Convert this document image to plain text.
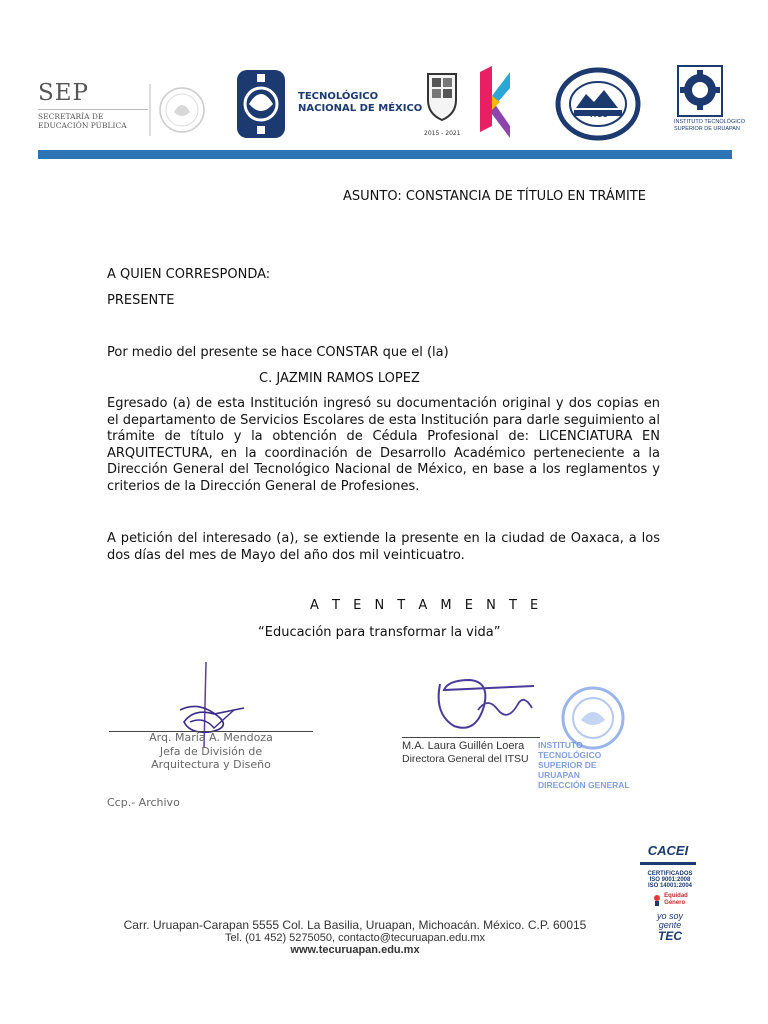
SEP
SECRETARÍA DE
EDUCACIÓN PÚBLICA
TECNOLÓGICO
NACIONAL DE MÉXICO
2015 - 2021
ITSU
INSTITUTO TECNOLÓGICO
SUPERIOR DE URUAPAN
ASUNTO: CONSTANCIA DE TÍTULO EN TRÁMITE
A QUIEN CORRESPONDA:
PRESENTE
Por medio del presente se hace CONSTAR que el (la)
C. JAZMIN RAMOS LOPEZ
Egresado (a) de esta Institución ingresó su documentación original y dos copias en el departamento de Servicios Escolares de esta Institución para darle seguimiento al trámite de título y la obtención de Cédula Profesional de: LICENCIATURA EN ARQUITECTURA, en la coordinación de Desarrollo Académico perteneciente a la Dirección General del Tecnológico Nacional de México, en base a los reglamentos y criterios de la Dirección General de Profesiones.
A petición del interesado (a), se extiende la presente en la ciudad de Oaxaca, a los dos días del mes de Mayo del año dos mil veinticuatro.
A T E N T A M E N T E
“Educación para transformar la vida”
Arq. María A. Mendoza
Jefa de División de
Arquitectura y Diseño
M.A. Laura Guillén Loera
Directora General del ITSU
INSTITUTO TECNOLÓGICO
SUPERIOR DE URUAPAN
DIRECCIÓN GENERAL
Ccp.- Archivo
Carr. Uruapan-Carapan 5555 Col. La Basilia, Uruapan, Michoacán. México. C.P. 60015
Tel. (01 452) 5275050, contacto@tecuruapan.edu.mx
www.tecuruapan.edu.mx
CACEI
CERTIFICADOS
ISO 9001:2008
ISO 14001:2004
Equidad
Género
yo soy
gente
TEC
